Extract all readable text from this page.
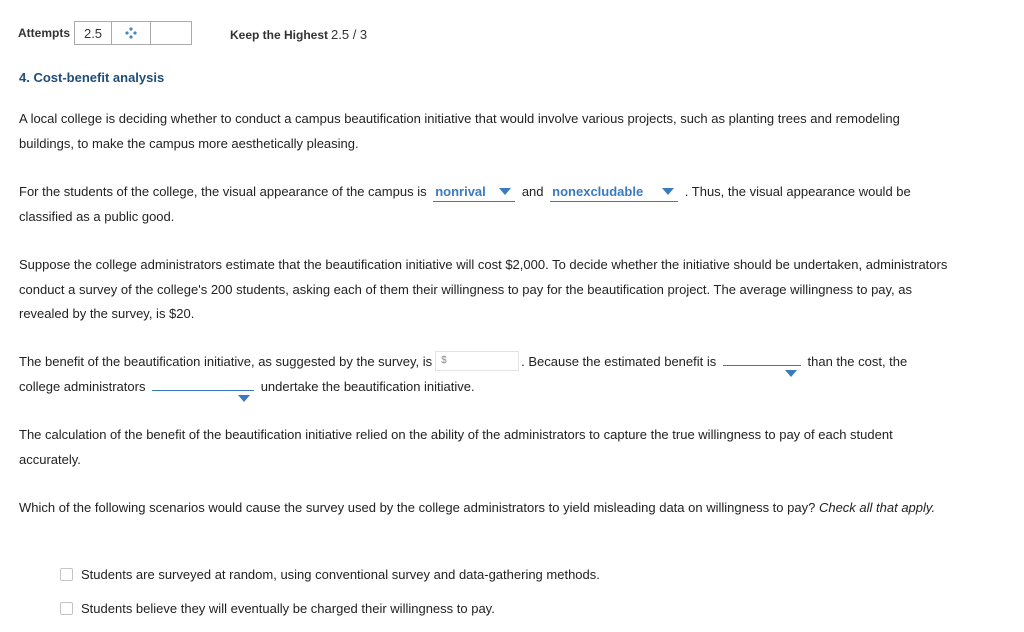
Attempts	2.5	Keep the Highest 2.5 / 3
4. Cost-benefit analysis
A local college is deciding whether to conduct a campus beautification initiative that would involve various projects, such as planting trees and remodeling buildings, to make the campus more aesthetically pleasing.
For the students of the college, the visual appearance of the campus is nonrival	and nonexcludable	. Thus, the visual appearance would be classified as a public good.
Suppose the college administrators estimate that the beautification initiative will cost $2,000. To decide whether the initiative should be undertaken, administrators conduct a survey of the college's 200 students, asking each of them their willingness to pay for the beautification project. The average willingness to pay, as revealed by the survey, is $20.
The benefit of the beautification initiative, as suggested by the survey, is $	. Because the estimated benefit is	than the cost, the college administrators	undertake the beautification initiative.
The calculation of the benefit of the beautification initiative relied on the ability of the administrators to capture the true willingness to pay of each student accurately.
Which of the following scenarios would cause the survey used by the college administrators to yield misleading data on willingness to pay? Check all that apply.
Students are surveyed at random, using conventional survey and data-gathering methods.
Students believe they will eventually be charged their willingness to pay.
